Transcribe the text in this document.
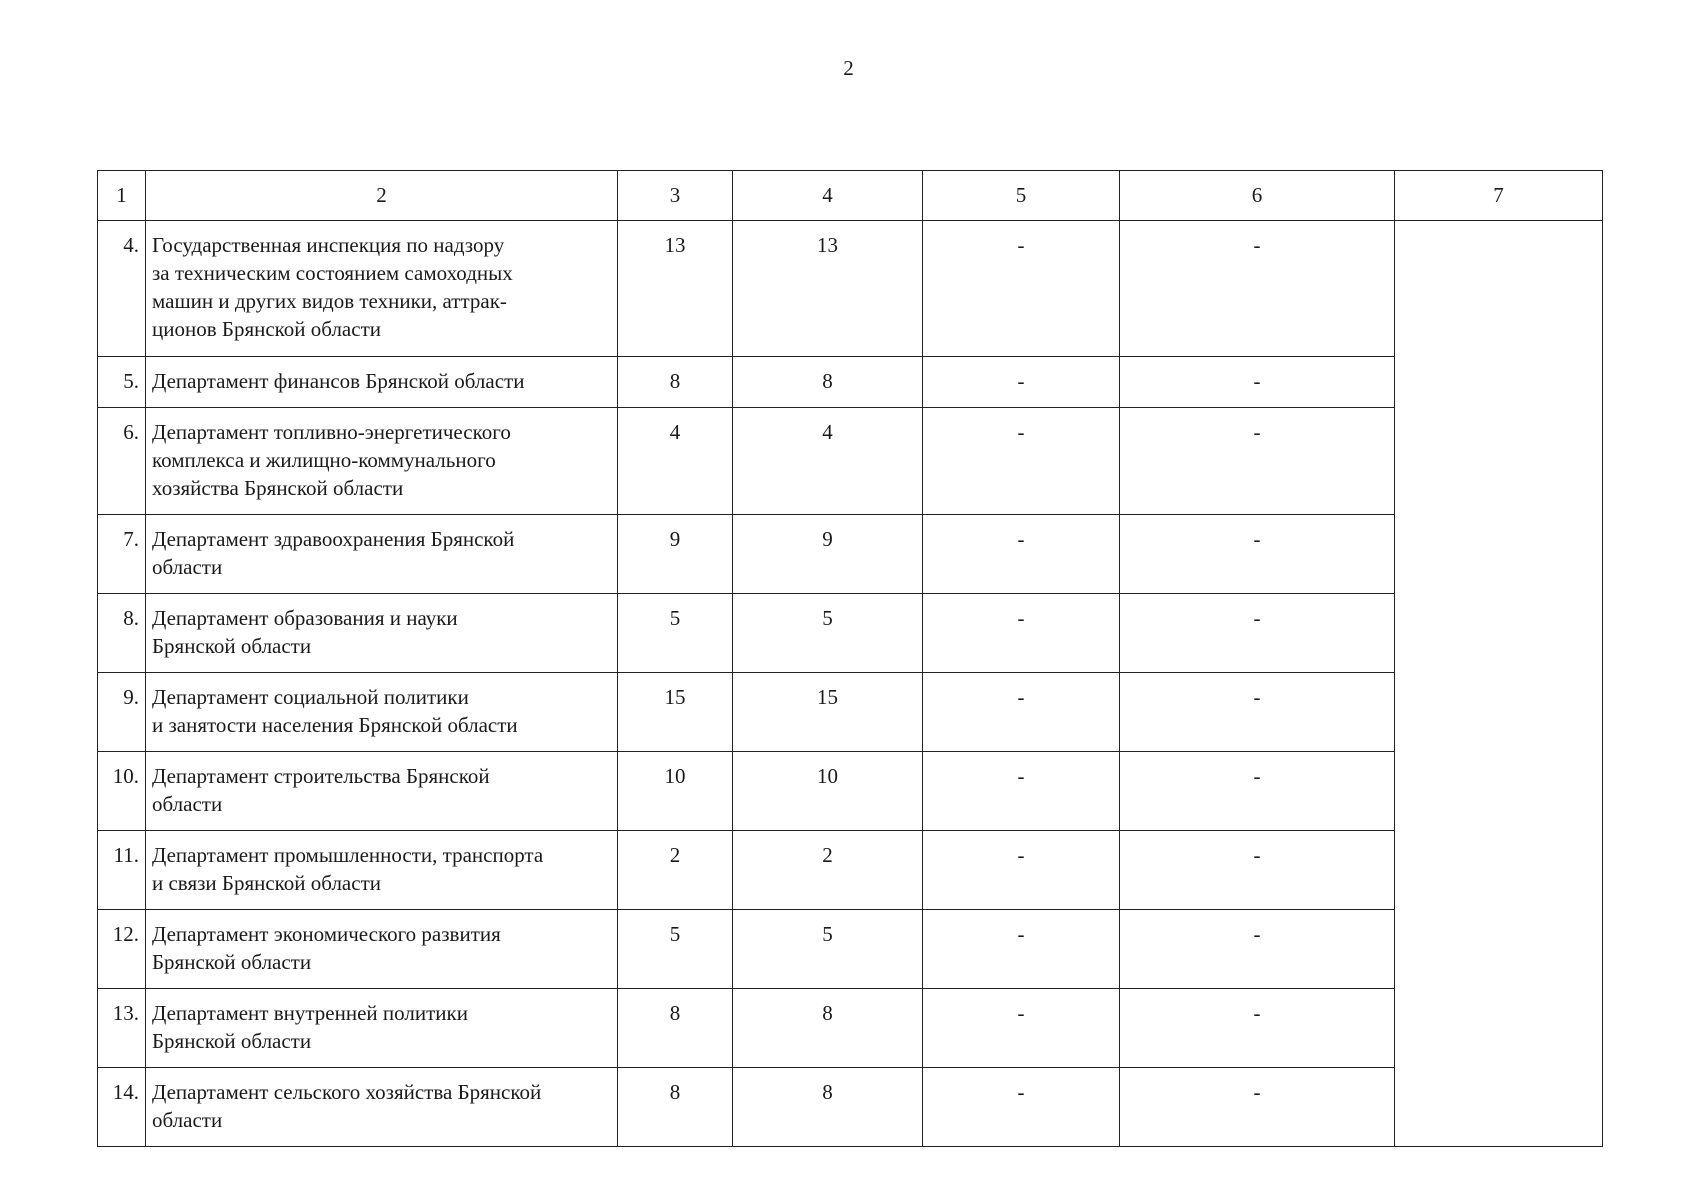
2
1	2	3	4	5	6	7
4.	Государственная инспекция по надзору
за техническим состоянием самоходных
машин и других видов техники, аттрак-
ционов Брянской области	13	13	-	-	
5.	Департамент финансов Брянской области	8	8	-	-	
6.	Департамент топливно-энергетического
комплекса и жилищно-коммунального
хозяйства Брянской области	4	4	-	-	
7.	Департамент здравоохранения Брянской
области	9	9	-	-	
8.	Департамент образования и науки
Брянской области	5	5	-	-	
9.	Департамент социальной политики
и занятости населения Брянской области	15	15	-	-	
10.	Департамент строительства Брянской
области	10	10	-	-	
11.	Департамент промышленности, транспорта
и связи Брянской области	2	2	-	-	
12.	Департамент экономического развития
Брянской области	5	5	-	-	
13.	Департамент внутренней политики
Брянской области	8	8	-	-	
14.	Департамент сельского хозяйства Брянской
области	8	8	-	-	
